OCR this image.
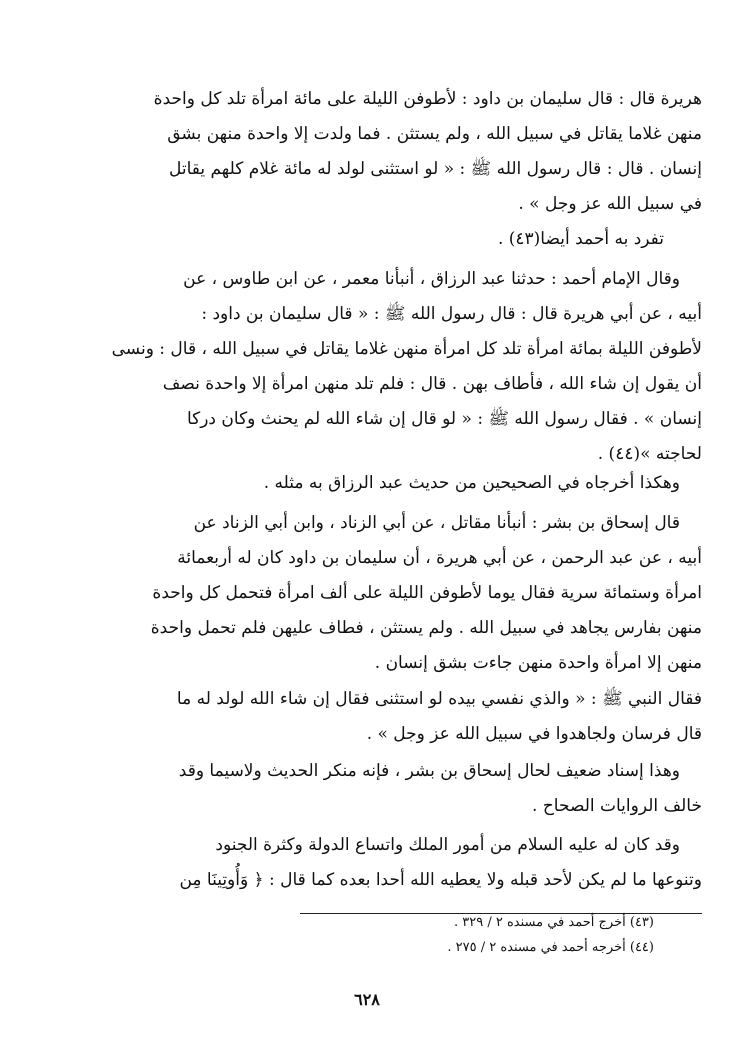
هريرة قال : قال سليمان بن داود : لأطوفن الليلة على مائة امرأة تلد كل واحدة
منهن غلاما يقاتل في سبيل الله ، ولم يستثن . فما ولدت إلا واحدة منهن بشق
إنسان . قال : قال رسول الله ﷺ : « لو استثنى لولد له مائة غلام كلهم يقاتل
في سبيل الله عز وجل » .
تفرد به أحمد أيضا(٤٣) .
وقال الإمام أحمد : حدثنا عبد الرزاق ، أنبأنا معمر ، عن ابن طاوس ، عن
أبيه ، عن أبي هريرة قال : قال رسول الله ﷺ : « قال سليمان بن داود :
لأطوفن الليلة بمائة امرأة تلد كل امرأة منهن غلاما يقاتل في سبيل الله ، قال : ونسى
أن يقول إن شاء الله ، فأطاف بهن . قال : فلم تلد منهن امرأة إلا واحدة نصف
إنسان » . فقال رسول الله ﷺ : « لو قال إن شاء الله لم يحنث وكان دركا
لحاجته »(٤٤) .
وهكذا أخرجاه في الصحيحين من حديث عبد الرزاق به مثله .
قال إسحاق بن بشر : أنبأنا مقاتل ، عن أبي الزناد ، وابن أبي الزناد عن
أبيه ، عن عبد الرحمن ، عن أبي هريرة ، أن سليمان بن داود كان له أربعمائة
امرأة وستمائة سرية فقال يوما لأطوفن الليلة على ألف امرأة فتحمل كل واحدة
منهن بفارس يجاهد في سبيل الله . ولم يستثن ، فطاف عليهن فلم تحمل واحدة
منهن إلا امرأة واحدة منهن جاءت بشق إنسان .
فقال النبي ﷺ : « والذي نفسي بيده لو استثنى فقال إن شاء الله لولد له ما
قال فرسان ولجاهدوا في سبيل الله عز وجل » .
وهذا إسناد ضعيف لحال إسحاق بن بشر ، فإنه منكر الحديث ولاسيما وقد
خالف الروايات الصحاح .
وقد كان له عليه السلام من أمور الملك واتساع الدولة وكثرة الجنود
وتنوعها ما لم يكن لأحد قبله ولا يعطيه الله أحدا بعده كما قال : ﴿ وَأُوتِينَا مِن
(٤٣) أخرج أحمد في مسنده ٢ / ٣٢٩ .
(٤٤) أخرجه أحمد في مسنده ٢ / ٢٧٥ .
٦٢٨
